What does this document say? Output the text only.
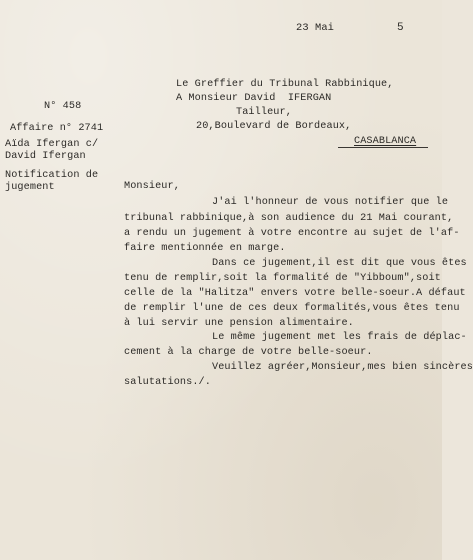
23 Mai	5
Le Greffier du Tribunal Rabbinique,
A Monsieur David  IFERGAN
Tailleur,
20,Boulevard de Bordeaux,
CASABLANCA
N° 458
Affaire n° 2741
Aïda Ifergan c/
David Ifergan
Notification de
jugement	Monsieur,
J'ai l'honneur de vous notifier que le
tribunal rabbinique,à son audience du 21 Mai courant,
a rendu un jugement à votre encontre au sujet de l'af-
faire mentionnée en marge.
Dans ce jugement,il est dit que vous êtes
tenu de remplir,soit la formalité de "Yibboum",soit
celle de la "Halitza" envers votre belle-soeur.A défaut
de remplir l'une de ces deux formalités,vous êtes tenu
à lui servir une pension alimentaire.
Le même jugement met les frais de déplac-
cement à la charge de votre belle-soeur.
Veuillez agréer,Monsieur,mes bien sincères
salutations./.
